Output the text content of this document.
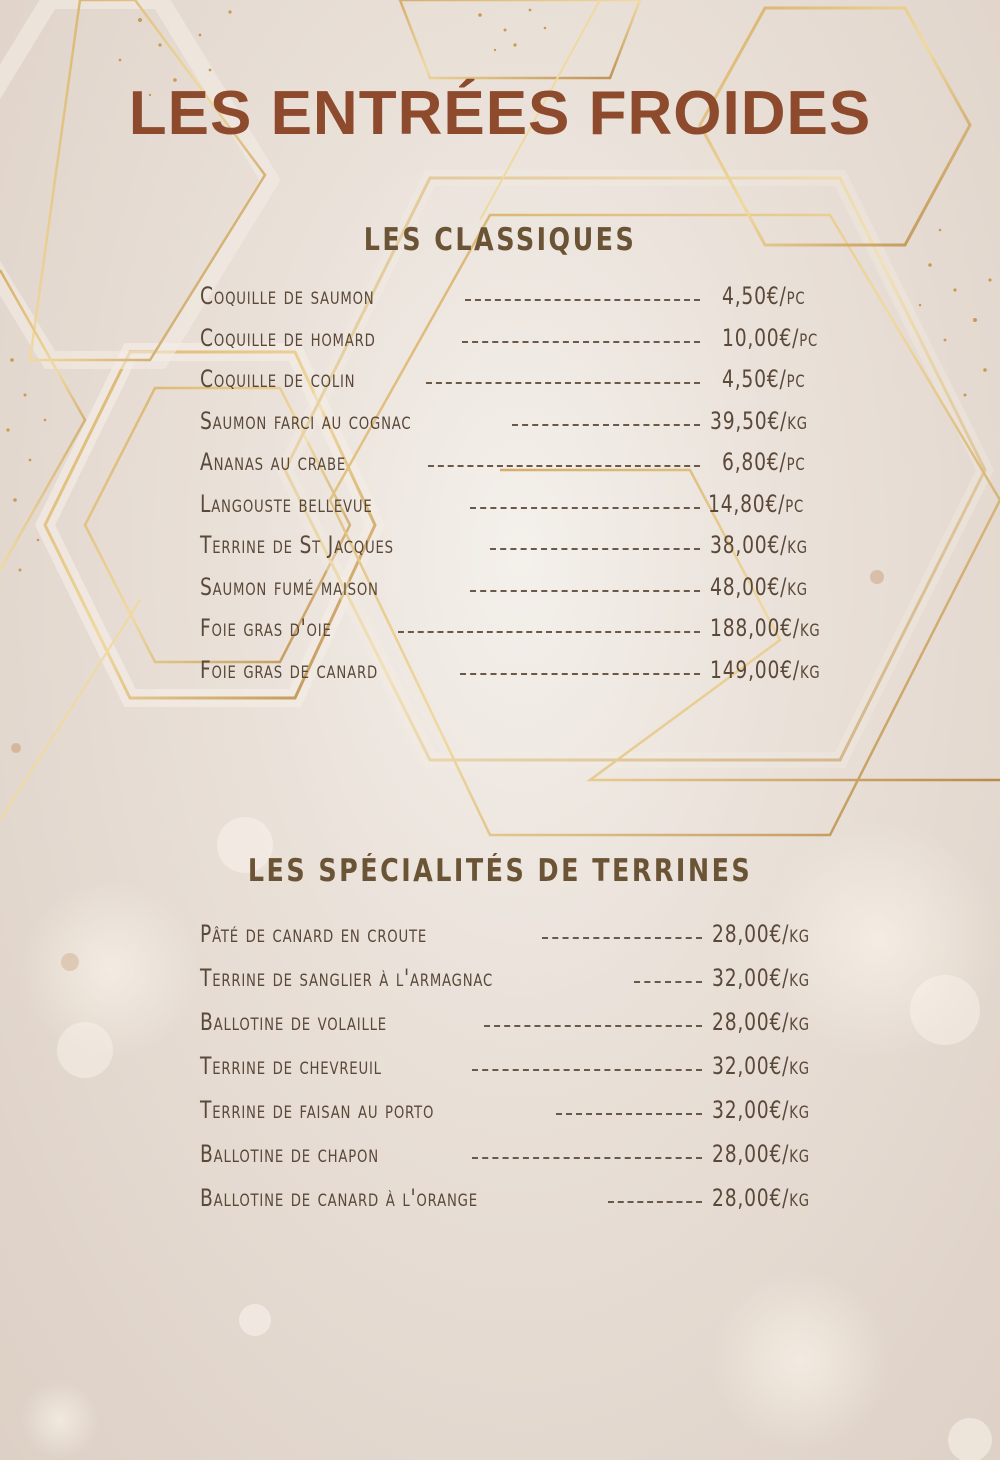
LES ENTRÉES FROIDES
LES CLASSIQUES
Coquille de saumon	4,50€/pc
Coquille de homard	10,00€/pc
Coquille de colin	4,50€/pc
Saumon farci au cognac	39,50€/kg
Ananas au crabe	6,80€/pc
Langouste bellevue	14,80€/pc
Terrine de St Jacques	38,00€/kg
Saumon fumé maison	48,00€/kg
Foie gras d'oie	188,00€/kg
Foie gras de canard	149,00€/kg
LES SPÉCIALITÉS DE TERRINES
Pâté de canard en croute	28,00€/kg
Terrine de sanglier à l'armagnac	32,00€/kg
Ballotine de volaille	28,00€/kg
Terrine de chevreuil	32,00€/kg
Terrine de faisan au porto	32,00€/kg
Ballotine de chapon	28,00€/kg
Ballotine de canard à l'orange	28,00€/kg
